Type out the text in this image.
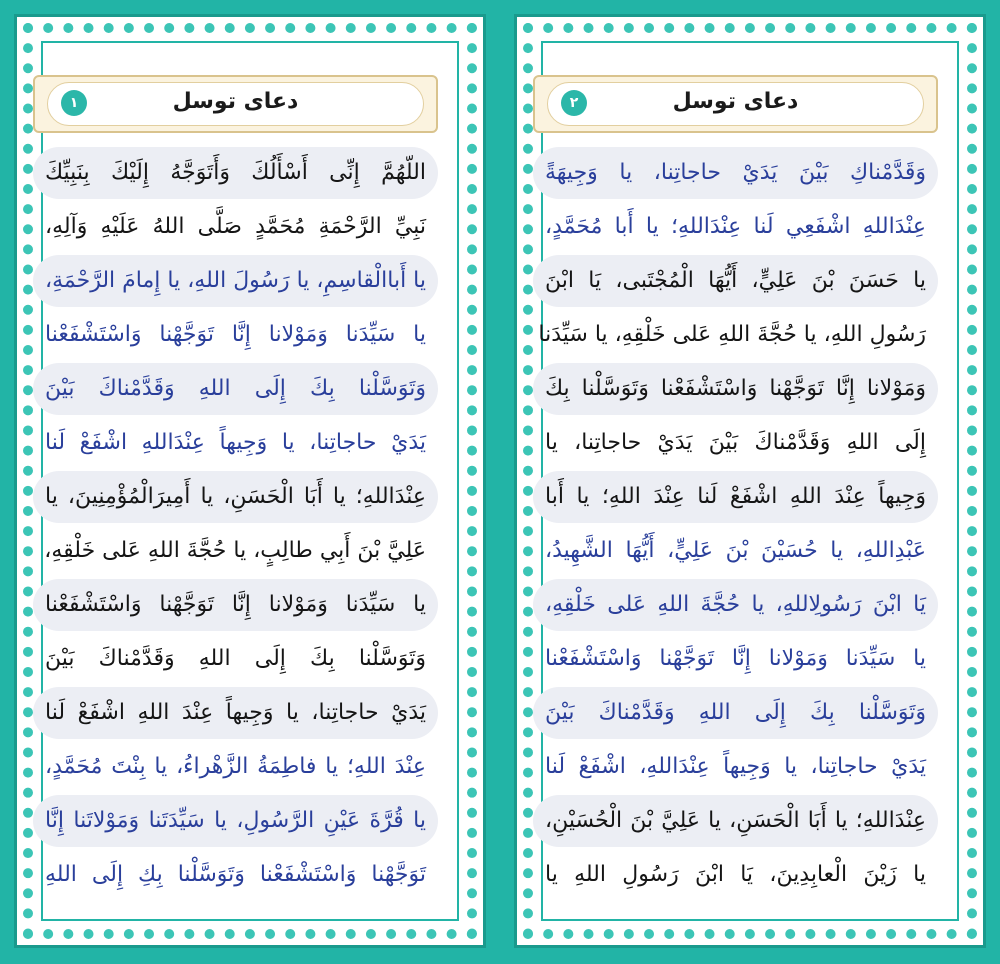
دعای توسل
۱
اللّهُمَّ إِنِّی أَسْأَلُكَ وَأَتَوَجَّهُ إِلَيْكَ بِنَبِيِّكَ
نَبِيِّ الرَّحْمَةِ مُحَمَّدٍ صَلَّى اللهُ عَلَيْهِ وَآلِهِ،
يا أَباالْقاسِمِ، يا رَسُولَ اللهِ، يا إِمامَ الرَّحْمَةِ،
يا سَيِّدَنا وَمَوْلانا إِنَّا تَوَجَّهْنا وَاسْتَشْفَعْنا
وَتَوَسَّلْنا بِكَ إِلَى اللهِ وَقَدَّمْناكَ بَيْنَ
يَدَيْ حاجاتِنا، يا وَجِيهاً عِنْدَاللهِ اشْفَعْ لَنا
عِنْدَاللهِ؛ يا أَبَا الْحَسَنِ، يا أَمِيرَالْمُؤْمِنِينَ، يا
عَلِيَّ بْنَ أَبِي طالِبٍ، يا حُجَّةَ اللهِ عَلى خَلْقِهِ،
يا سَيِّدَنا وَمَوْلانا إِنَّا تَوَجَّهْنا وَاسْتَشْفَعْنا
وَتَوَسَّلْنا بِكَ إِلَى اللهِ وَقَدَّمْناكَ بَيْنَ
يَدَيْ حاجاتِنا، يا وَجِيهاً عِنْدَ اللهِ اشْفَعْ لَنا
عِنْدَ اللهِ؛ يا فاطِمَةُ الزَّهْراءُ، يا بِنْتَ مُحَمَّدٍ،
يا قُرَّةَ عَيْنِ الرَّسُولِ، يا سَيِّدَتَنا وَمَوْلاتَنا إِنَّا
تَوَجَّهْنا وَاسْتَشْفَعْنا وَتَوَسَّلْنا بِكِ إِلَى اللهِ
دعای توسل
۲
وَقَدَّمْناكِ بَيْنَ يَدَيْ حاجاتِنا، يا وَجِيهَةً
عِنْدَاللهِ اشْفَعِي لَنا عِنْدَاللهِ؛ يا أَبا مُحَمَّدٍ،
يا حَسَنَ بْنَ عَلِيٍّ، أَيُّهَا الْمُجْتَبى، يَا ابْنَ
رَسُولِ اللهِ، يا حُجَّةَ اللهِ عَلى خَلْقِهِ، يا سَيِّدَنا
وَمَوْلانا إِنَّا تَوَجَّهْنا وَاسْتَشْفَعْنا وَتَوَسَّلْنا بِكَ
إِلَى اللهِ وَقَدَّمْناكَ بَيْنَ يَدَيْ حاجاتِنا، يا
وَجِيهاً عِنْدَ اللهِ اشْفَعْ لَنا عِنْدَ اللهِ؛ يا أَبا
عَبْدِاللهِ، يا حُسَيْنَ بْنَ عَلِيٍّ، أَيُّهَا الشَّهِيدُ،
يَا ابْنَ رَسُولِاللهِ، يا حُجَّةَ اللهِ عَلى خَلْقِهِ،
يا سَيِّدَنا وَمَوْلانا إِنَّا تَوَجَّهْنا وَاسْتَشْفَعْنا
وَتَوَسَّلْنا بِكَ إِلَى اللهِ وَقَدَّمْناكَ بَيْنَ
يَدَيْ حاجاتِنا، يا وَجِيهاً عِنْدَاللهِ، اشْفَعْ لَنا
عِنْدَاللهِ؛ يا أَبَا الْحَسَنِ، يا عَلِيَّ بْنَ الْحُسَيْنِ،
يا زَيْنَ الْعابِدِينَ، يَا ابْنَ رَسُولِ اللهِ يا
